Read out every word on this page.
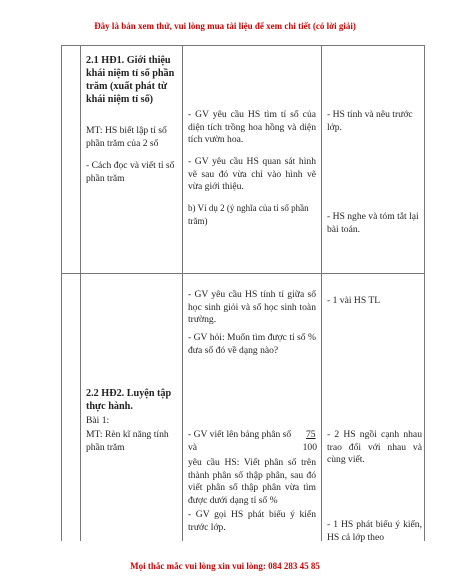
Đây là bản xem thử, vui lòng mua tài liệu để xem chi tiết (có lời giải)
2.1 HĐ1. Giới thiệu khái niệm tỉ số phần trăm (xuất phát từ khái niệm tỉ số)
MT: HS biết lập tỉ số phần trăm của 2 số
- Cách đọc và viết tỉ số phần trăm
- GV yêu cầu HS tìm tỉ số của diện tích trồng hoa hồng và diện tích vườn hoa.
- GV yêu cầu HS quan sát hình vẽ sau đó vừa chỉ vào hình vẽ vừa giới thiệu.
b) Ví dụ 2 (ý nghĩa của tỉ số phần trăm)
- HS tính và nêu trước lớp.
- HS nghe và tóm tắt lại bài toán.
- GV yêu cầu HS tính tỉ giữa số học sinh giỏi và số học sinh toàn trường.
- GV hỏi: Muốn tìm được tỉ số % đưa số đó về dạng nào?
- 1 vài HS TL
2.2 HĐ2. Luyện tập thực hành.
Bài 1:
MT: Rèn kĩ năng tính phần trăm
- GV viết lên bảng phân số	75
và	100
yêu cầu HS: Viết phân số trên thành phân số thập phân, sau đó viết phân số thập phân vừa tìm được dưới dạng tỉ số %
- GV gọi HS phát biểu ý kiến trước lớp.
- 2 HS ngồi cạnh nhau trao đổi với nhau và cùng viết.
- 1 HS phát biểu ý kiến, HS cả lớp theo
Mọi thắc mắc vui lòng xin vui lòng: 084 283 45 85
